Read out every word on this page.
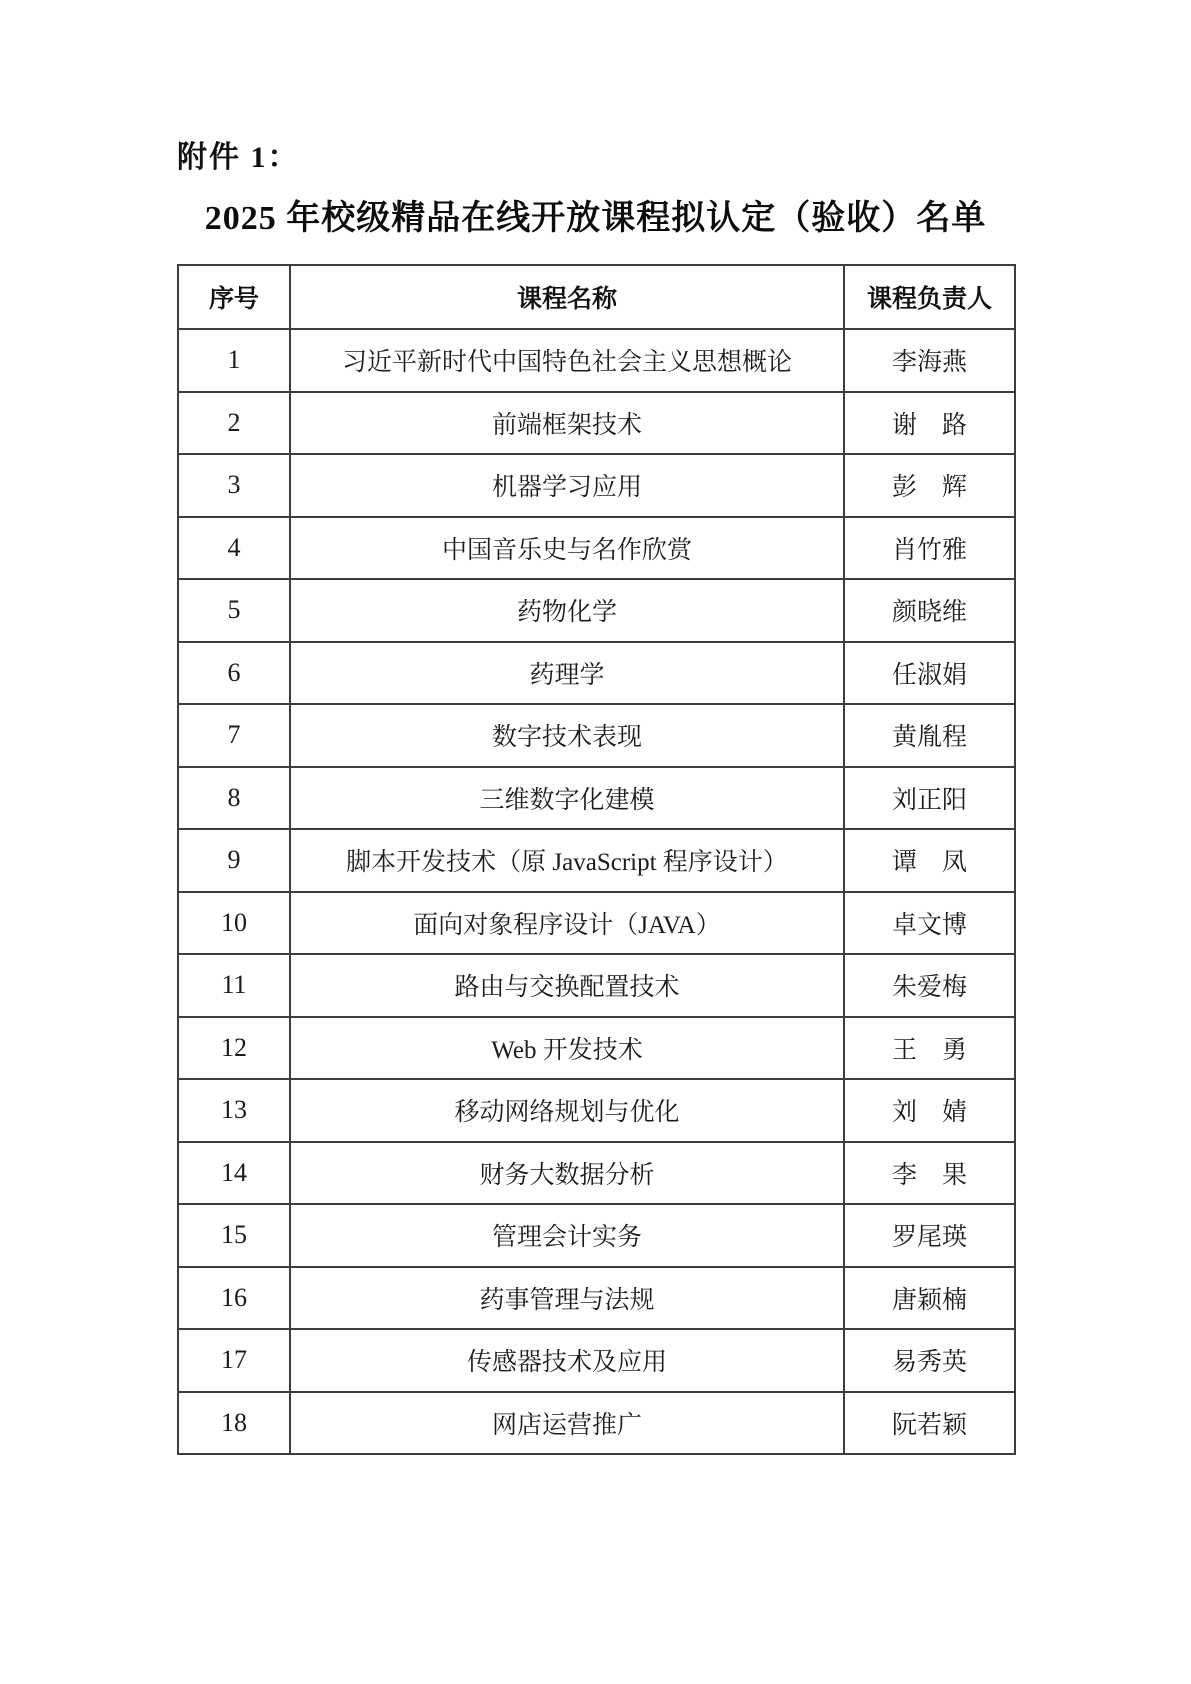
附件 1：
2025 年校级精品在线开放课程拟认定（验收）名单
序号	课程名称	课程负责人
1	习近平新时代中国特色社会主义思想概论	李海燕
2	前端框架技术	谢　路
3	机器学习应用	彭　辉
4	中国音乐史与名作欣赏	肖竹雅
5	药物化学	颜晓维
6	药理学	任淑娟
7	数字技术表现	黄胤程
8	三维数字化建模	刘正阳
9	脚本开发技术（原 JavaScript 程序设计）	谭　凤
10	面向对象程序设计（JAVA）	卓文博
11	路由与交换配置技术	朱爱梅
12	Web 开发技术	王　勇
13	移动网络规划与优化	刘　婧
14	财务大数据分析	李　果
15	管理会计实务	罗尾瑛
16	药事管理与法规	唐颖楠
17	传感器技术及应用	易秀英
18	网店运营推广	阮若颖
